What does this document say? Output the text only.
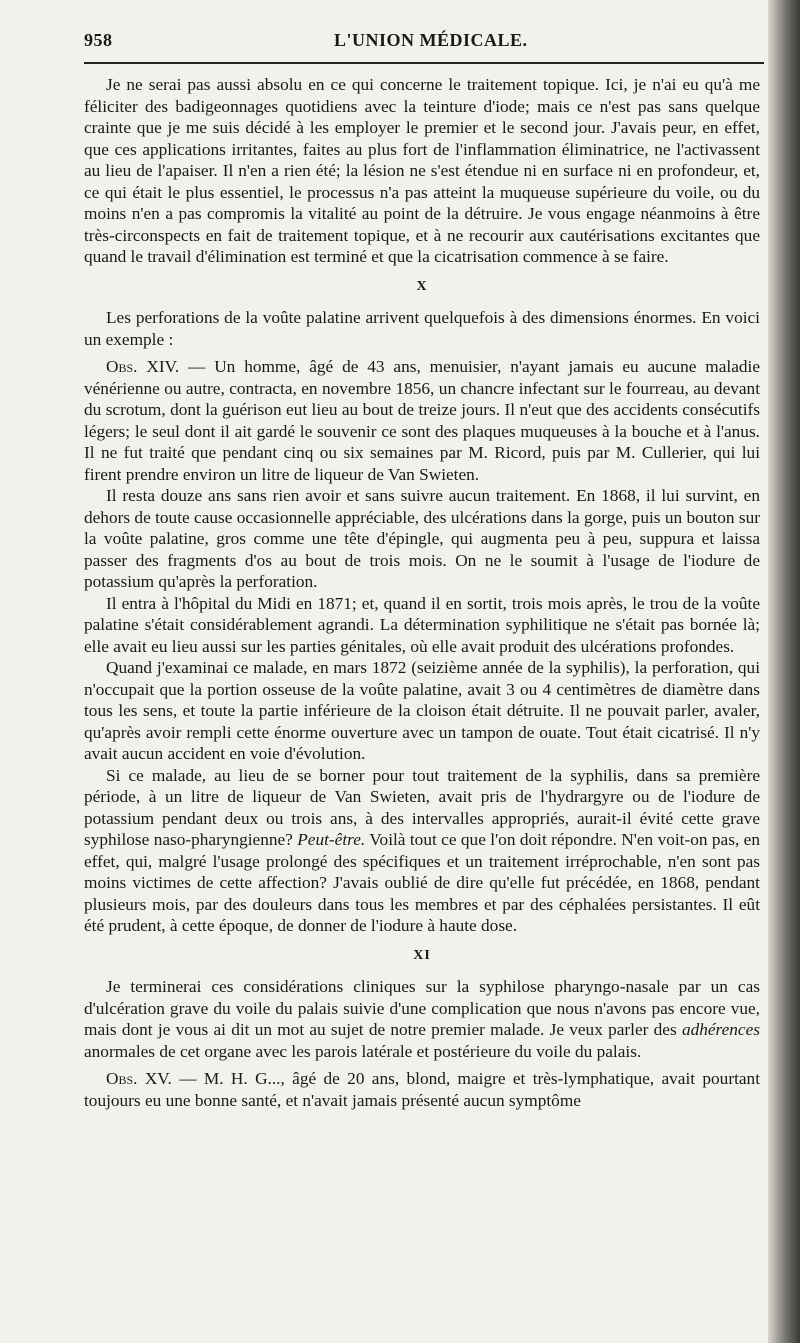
958	L'UNION MÉDICALE.

Je ne serai pas aussi absolu en ce qui concerne le traitement topique. Ici, je n'ai eu qu'à me féliciter des badigeonnages quotidiens avec la teinture d'iode; mais ce n'est pas sans quelque crainte que je me suis décidé à les employer le premier et le second jour. J'avais peur, en effet, que ces applications irritantes, faites au plus fort de l'inflammation éliminatrice, ne l'activassent au lieu de l'apaiser. Il n'en a rien été; la lésion ne s'est étendue ni en surface ni en profondeur, et, ce qui était le plus essentiel, le processus n'a pas atteint la muqueuse supérieure du voile, ou du moins n'en a pas compromis la vitalité au point de la détruire. Je vous engage néanmoins à être très-circonspects en fait de traitement topique, et à ne recourir aux cautérisations excitantes que quand le travail d'élimination est terminé et que la cicatrisation commence à se faire.

X

Les perforations de la voûte palatine arrivent quelquefois à des dimensions énormes. En voici un exemple :

Obs. XIV. — Un homme, âgé de 43 ans, menuisier, n'ayant jamais eu aucune maladie vénérienne ou autre, contracta, en novembre 1856, un chancre infectant sur le fourreau, au devant du scrotum, dont la guérison eut lieu au bout de treize jours. Il n'eut que des accidents consécutifs légers; le seul dont il ait gardé le souvenir ce sont des plaques muqueuses à la bouche et à l'anus. Il ne fut traité que pendant cinq ou six semaines par M. Ricord, puis par M. Cullerier, qui lui firent prendre environ un litre de liqueur de Van Swieten.

Il resta douze ans sans rien avoir et sans suivre aucun traitement. En 1868, il lui survint, en dehors de toute cause occasionnelle appréciable, des ulcérations dans la gorge, puis un bouton sur la voûte palatine, gros comme une tête d'épingle, qui augmenta peu à peu, suppura et laissa passer des fragments d'os au bout de trois mois. On ne le soumit à l'usage de l'iodure de potassium qu'après la perforation.

Il entra à l'hôpital du Midi en 1871; et, quand il en sortit, trois mois après, le trou de la voûte palatine s'était considérablement agrandi. La détermination syphilitique ne s'était pas bornée là; elle avait eu lieu aussi sur les parties génitales, où elle avait produit des ulcérations profondes.

Quand j'examinai ce malade, en mars 1872 (seizième année de la syphilis), la perforation, qui n'occupait que la portion osseuse de la voûte palatine, avait 3 ou 4 centimètres de diamètre dans tous les sens, et toute la partie inférieure de la cloison était détruite. Il ne pouvait parler, avaler, qu'après avoir rempli cette énorme ouverture avec un tampon de ouate. Tout était cicatrisé. Il n'y avait aucun accident en voie d'évolution.

Si ce malade, au lieu de se borner pour tout traitement de la syphilis, dans sa première période, à un litre de liqueur de Van Swieten, avait pris de l'hydrargyre ou de l'iodure de potassium pendant deux ou trois ans, à des intervalles appropriés, aurait-il évité cette grave syphilose naso-pharyngienne? Peut-être. Voilà tout ce que l'on doit répondre. N'en voit-on pas, en effet, qui, malgré l'usage prolongé des spécifiques et un traitement irréprochable, n'en sont pas moins victimes de cette affection? J'avais oublié de dire qu'elle fut précédée, en 1868, pendant plusieurs mois, par des douleurs dans tous les membres et par des céphalées persistantes. Il eût été prudent, à cette époque, de donner de l'iodure à haute dose.

XI

Je terminerai ces considérations cliniques sur la syphilose pharyngo-nasale par un cas d'ulcération grave du voile du palais suivie d'une complication que nous n'avons pas encore vue, mais dont je vous ai dit un mot au sujet de notre premier malade. Je veux parler des adhérences anormales de cet organe avec les parois latérale et postérieure du voile du palais.

Obs. XV. — M. H. G..., âgé de 20 ans, blond, maigre et très-lymphatique, avait pourtant toujours eu une bonne santé, et n'avait jamais présenté aucun symptôme
